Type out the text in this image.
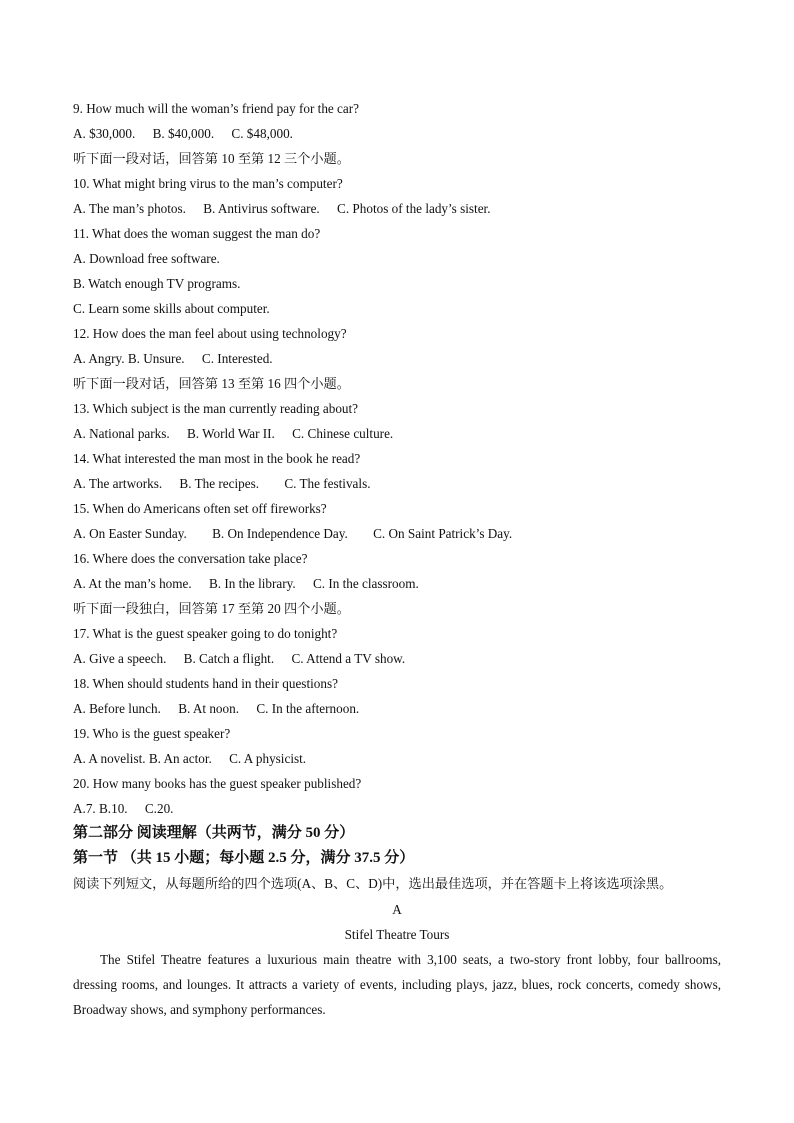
9. How much will the woman’s friend pay for the car?
A. $30,000. B. $40,000. C. $48,000.
听下面一段对话，回答第 10 至第 12 三个小题。
10. What might bring virus to the man’s computer?
A. The man’s photos. B. Antivirus software. C. Photos of the lady’s sister.
11. What does the woman suggest the man do?
A. Download free software.
B. Watch enough TV programs.
C. Learn some skills about computer.
12. How does the man feel about using technology?
A. Angry. B. Unsure. C. Interested.
听下面一段对话，回答第 13 至第 16 四个小题。
13. Which subject is the man currently reading about?
A. National parks. B. World War II. C. Chinese culture.
14. What interested the man most in the book he read?
A. The artworks. B. The recipes. C. The festivals.
15. When do Americans often set off fireworks?
A. On Easter Sunday. B. On Independence Day. C. On Saint Patrick’s Day.
16. Where does the conversation take place?
A. At the man’s home. B. In the library. C. In the classroom.
听下面一段独白，回答第 17 至第 20 四个小题。
17. What is the guest speaker going to do tonight?
A. Give a speech. B. Catch a flight. C. Attend a TV show.
18. When should students hand in their questions?
A. Before lunch. B. At noon. C. In the afternoon.
19. Who is the guest speaker?
A. A novelist. B. An actor. C. A physicist.
20. How many books has the guest speaker published?
A.7. B.10. C.20.
第二部分 阅读理解（共两节，满分 50 分）
第一节 （共 15 小题；每小题 2.5 分，满分 37.5 分）
阅读下列短文，从每题所给的四个选项(A、B、C、D)中，选出最佳选项，并在答题卡上将该选项涂黑。
A
Stifel Theatre Tours
The Stifel Theatre features a luxurious main theatre with 3,100 seats, a two-story front lobby, four ballrooms, dressing rooms, and lounges. It attracts a variety of events, including plays, jazz, blues, rock concerts, comedy shows, Broadway shows, and symphony performances.
